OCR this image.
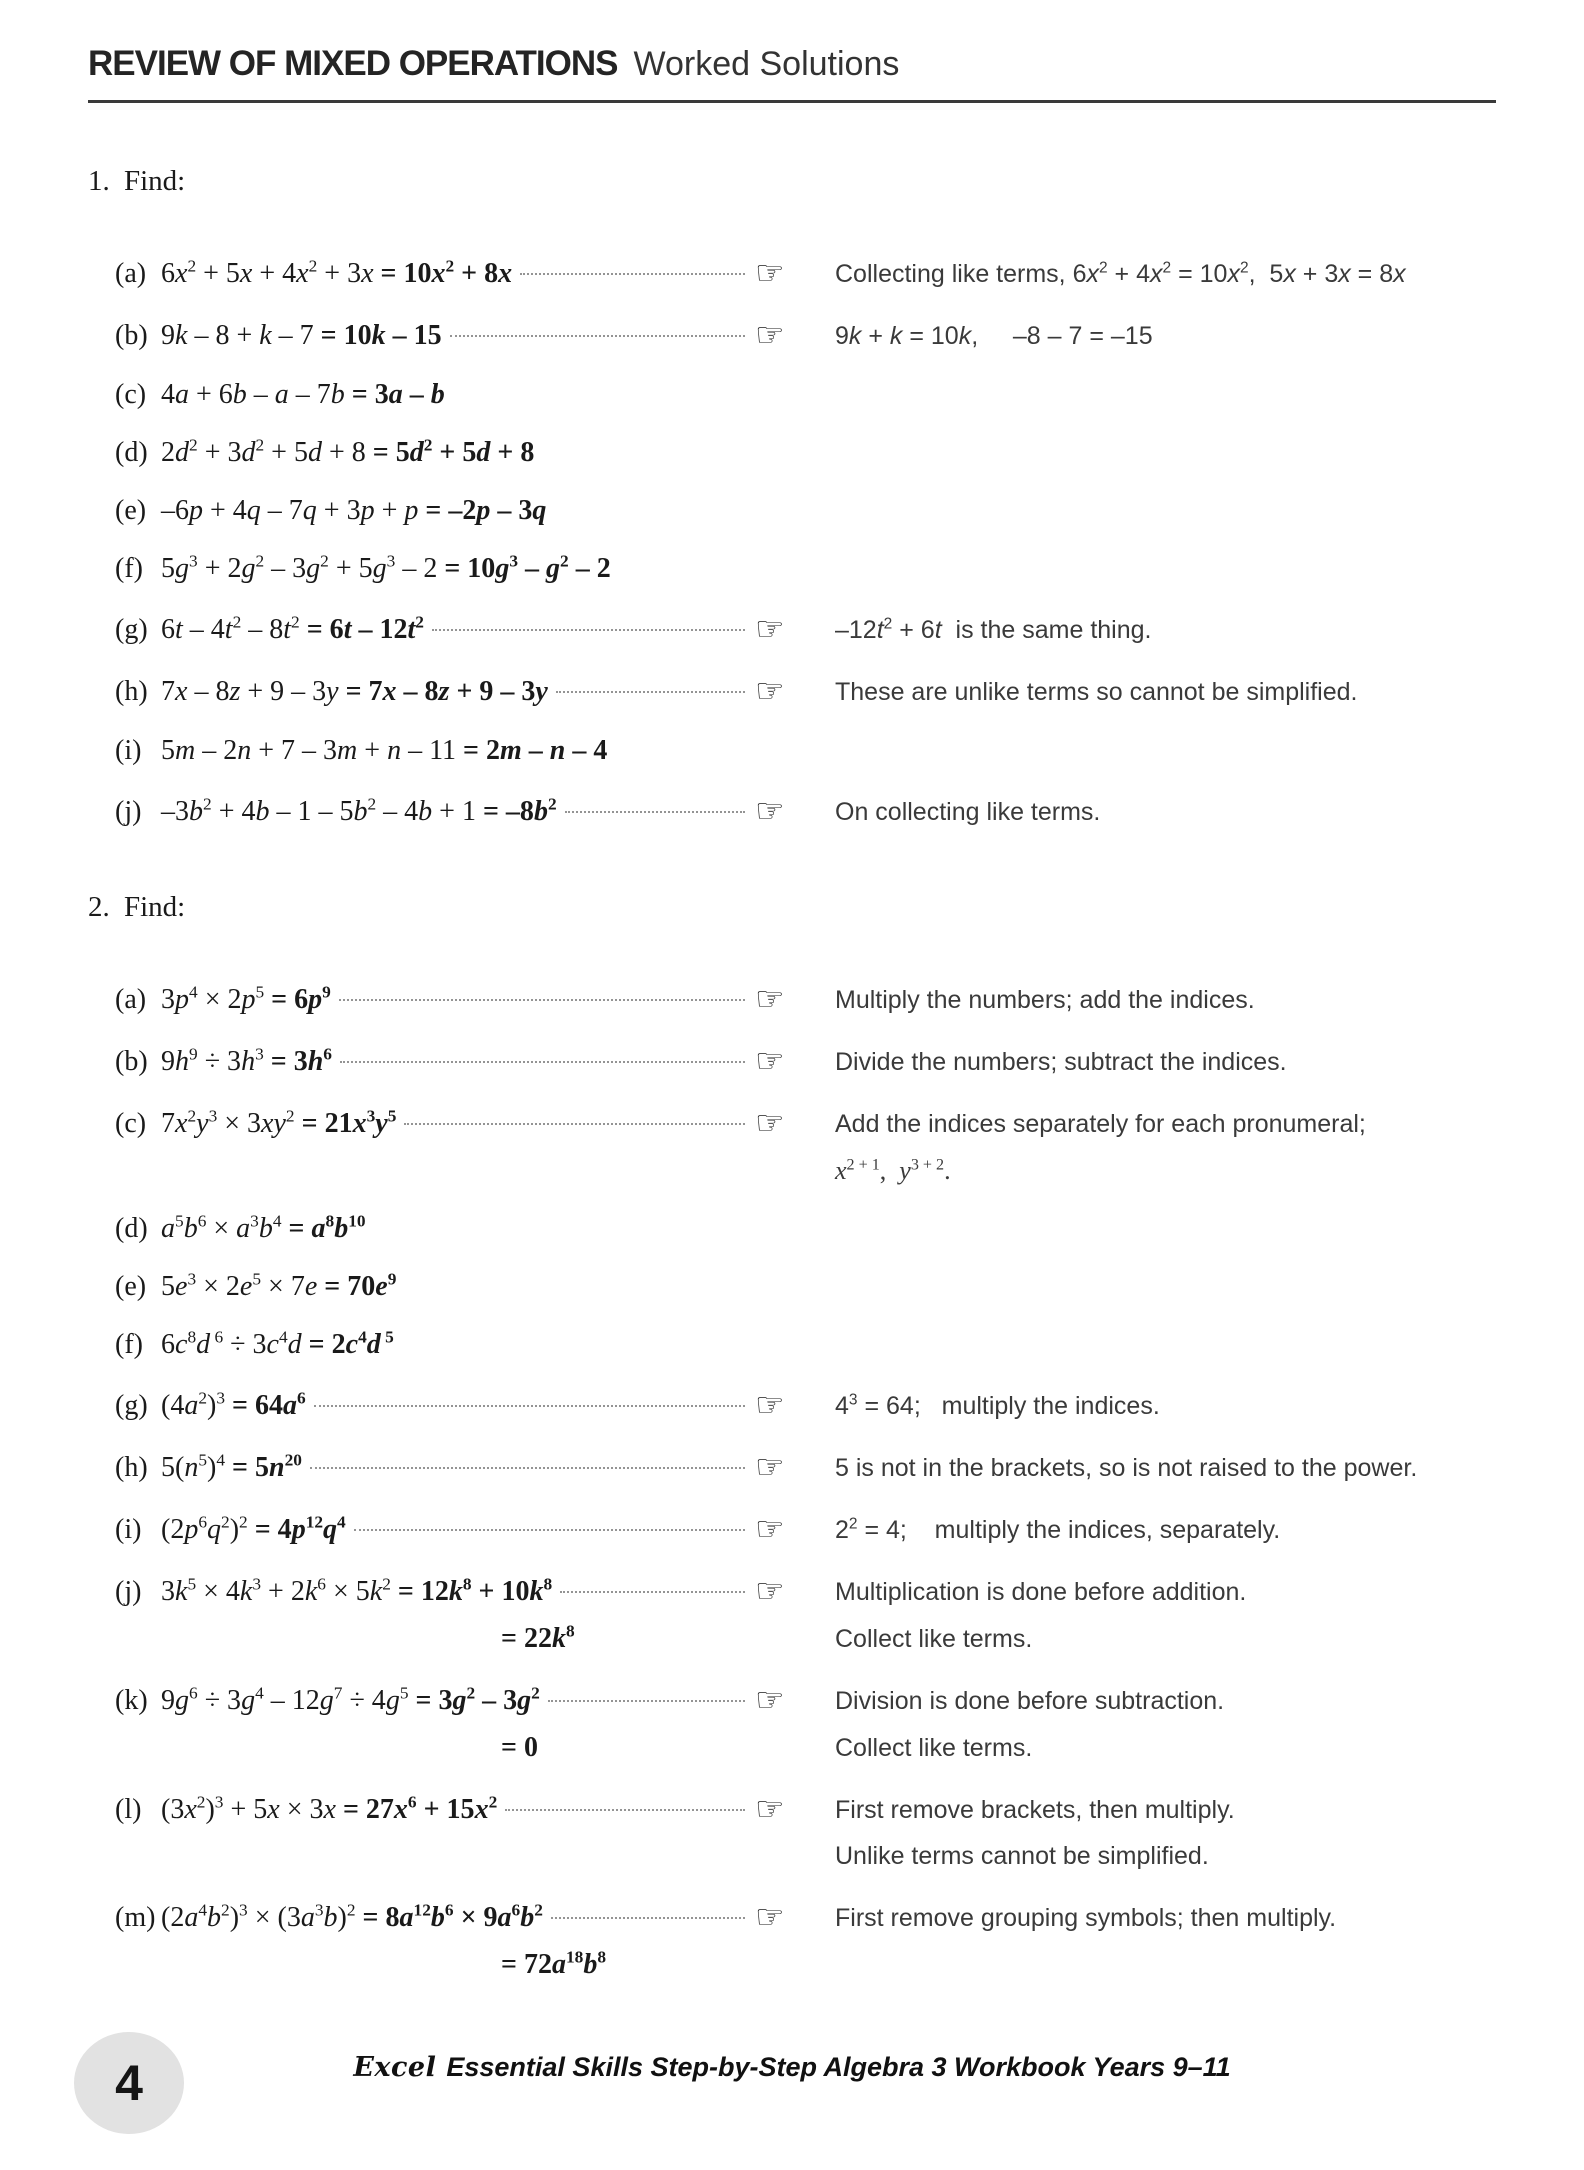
REVIEW OF MIXED OPERATIONS Worked Solutions
1. Find:
(a) $6x^2 + 5x + 4x^2 + 3x = 10x^2 + 8x$	☞	Collecting like terms, $6x^2 + 4x^2 = 10x^2$,  5x + 3x = 8x
(b) 9k – 8 + k – 7 = 10k – 15	☞	9k + k = 10k,     –8 – 7 = –15
(c) 4a + 6b – a – 7b = 3a – b
(d) $2d^2 + 3d^2 + 5d + 8 = 5d^2 + 5d + 8$
(e) –6p + 4q – 7q + 3p + p = –2p – 3q
(f) $5g^3 + 2g^2 - 3g^2 + 5g^3 - 2 = 10g^3 - g^2 - 2$
(g) $6t - 4t^2 - 8t^2 = 6t - 12t^2$	☞	$-12t^2 + 6t$  is the same thing.
(h) 7x – 8z + 9 – 3y = 7x – 8z + 9 – 3y	☞	These are unlike terms so cannot be simplified.
(i) 5m – 2n + 7 – 3m + n – 11 = 2m – n – 4
(j) $-3b^2 + 4b - 1 - 5b^2 - 4b + 1 = -8b^2$	☞	On collecting like terms.
2. Find:
(a) $3p^4 \times 2p^5 = 6p^9$	☞	Multiply the numbers; add the indices.
(b) $9h^9 \div 3h^3 = 3h^6$	☞	Divide the numbers; subtract the indices.
(c) $7x^2y^3 \times 3xy^2 = 21x^3y^5$	☞	Add the indices separately for each pronumeral;
$x^{2 + 1}$,  $y^{3 + 2}$.
(d) $a^5b^6 \times a^3b^4 = a^8b^{10}$
(e) $5e^3 \times 2e^5 \times 7e = 70e^9$
(f) $6c^8d$ $^6 \div 3c^4d = 2c^4d$ $^5$
(g) $(4a^2)^3 = 64a^6$	☞	$4^3 = 64$;   multiply the indices.
(h) $5(n^5)^4 = 5n^{20}$	☞	5 is not in the brackets, so is not raised to the power.
(i) $(2p^6q^2)^2 = 4p^{12}q^4$	☞	$2^2 = 4$;    multiply the indices, separately.
(j) $3k^5 \times 4k^3 + 2k^6 \times 5k^2 = 12k^8 + 10k^8$	☞	Multiplication is done before addition.
= $22k^8$	Collect like terms.
(k) $9g^6 \div 3g^4 - 12g^7 \div 4g^5 = 3g^2 - 3g^2$	☞	Division is done before subtraction.
= 0	Collect like terms.
(l) $(3x^2)^3 + 5x \times 3x = 27x^6 + 15x^2$	☞	First remove brackets, then multiply.
Unlike terms cannot be simplified.
(m) $(2a^4b^2)^3 \times (3a^3b)^2 = 8a^{12}b^6 \times 9a^6b^2$	☞	First remove grouping symbols; then multiply.
= $72a^{18}b^8$
4	Excel Essential Skills Step-by-Step Algebra 3 Workbook Years 9–11
